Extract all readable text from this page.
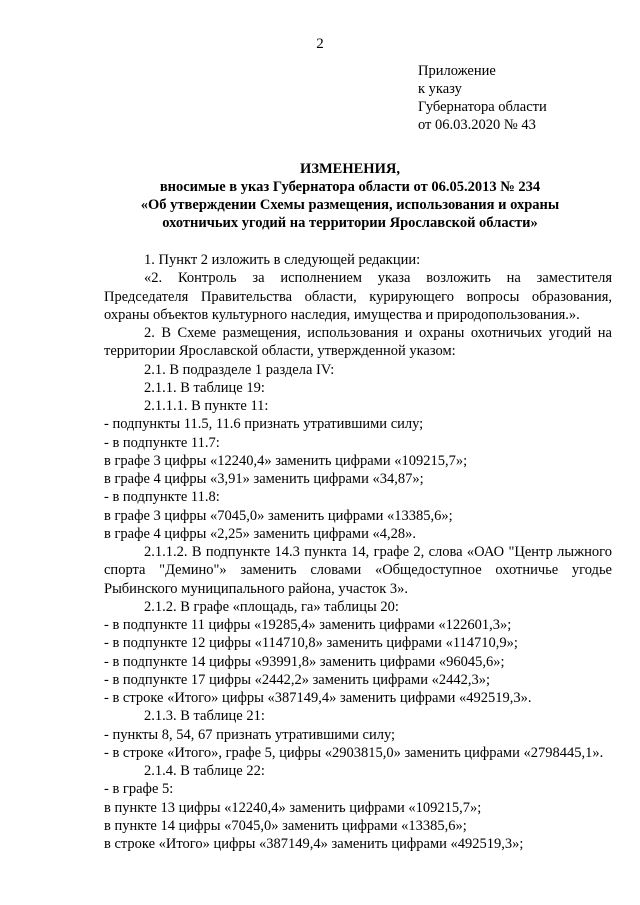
2
Приложение
к указу
Губернатора области
от 06.03.2020 № 43
ИЗМЕНЕНИЯ,
вносимые в указ Губернатора области от 06.05.2013 № 234
«Об утверждении Схемы размещения, использования и охраны
охотничьих угодий на территории Ярославской области»

1. Пункт 2 изложить в следующей редакции:

«2. Контроль за исполнением указа возложить на заместителя Председателя Правительства области, курирующего вопросы образования, охраны объектов культурного наследия, имущества и природопользования.».

2. В Схеме размещения, использования и охраны охотничьих угодий на территории Ярославской области, утвержденной указом:

2.1. В подразделе 1 раздела IV:

2.1.1. В таблице 19:

2.1.1.1. В пункте 11:

- подпункты 11.5, 11.6 признать утратившими силу;

- в подпункте 11.7:

в графе 3 цифры «12240,4» заменить цифрами «109215,7»;

в графе 4 цифры «3,91» заменить цифрами «34,87»;

- в подпункте 11.8:

в графе 3 цифры «7045,0» заменить цифрами «13385,6»;

в графе 4 цифры «2,25» заменить цифрами «4,28».

2.1.1.2. В подпункте 14.3 пункта 14, графе 2, слова «ОАО "Центр лыжного спорта "Демино"» заменить словами «Общедоступное охотничье угодье Рыбинского муниципального района, участок 3».

2.1.2. В графе «площадь, га» таблицы 20:

- в подпункте 11 цифры «19285,4» заменить цифрами «122601,3»;

- в подпункте 12 цифры «114710,8» заменить цифрами «114710,9»;

- в подпункте 14 цифры «93991,8» заменить цифрами «96045,6»;

- в подпункте 17 цифры «2442,2» заменить цифрами «2442,3»;

- в строке «Итого» цифры «387149,4» заменить цифрами «492519,3».

2.1.3. В таблице 21:

- пункты 8, 54, 67 признать утратившими силу;

- в строке «Итого», графе 5, цифры «2903815,0» заменить цифрами «2798445,1».

2.1.4. В таблице 22:

- в графе 5:

в пункте 13 цифры «12240,4» заменить цифрами «109215,7»;

в пункте 14 цифры «7045,0» заменить цифрами «13385,6»;

в строке «Итого» цифры «387149,4» заменить цифрами «492519,3»;
